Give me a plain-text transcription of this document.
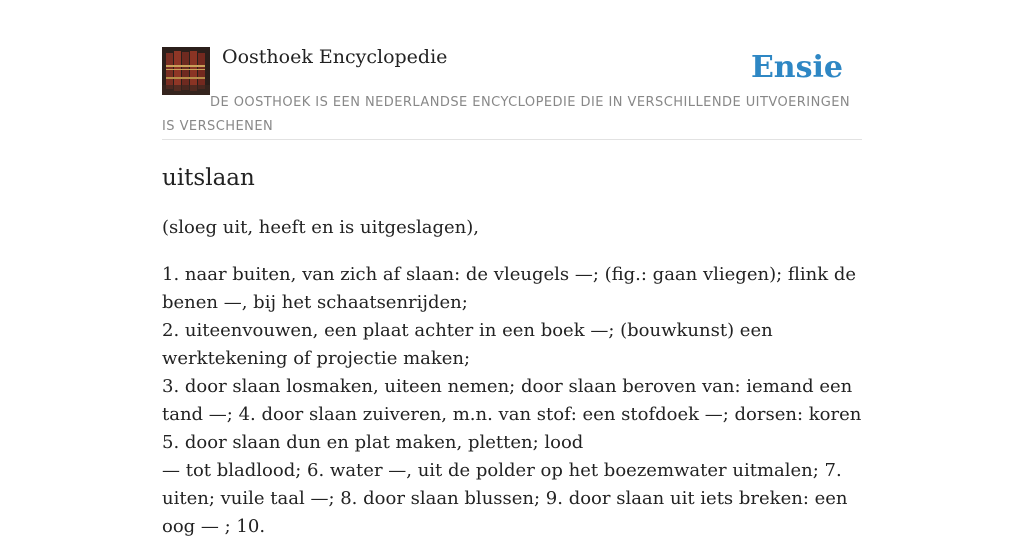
Oosthoek Encyclopedie	Ensie

DE OOSTHOEK IS EEN NEDERLANDSE ENCYCLOPEDIE DIE IN VERSCHILLENDE UITVOERINGEN IS VERSCHENEN

uitslaan

(sloeg uit, heeft en is uitgeslagen),

1. naar buiten, van zich af slaan: de vleugels —; (fig.: gaan vliegen); flink de benen —, bij het schaatsenrijden;
2. uiteenvouwen, een plaat achter in een boek —; (bouwkunst) een werktekening of projectie maken;
3. door slaan losmaken, uiteen nemen; door slaan beroven van: iemand een tand —; 4. door slaan zuiveren, m.n. van stof: een stofdoek —; dorsen: koren
5. door slaan dun en plat maken, pletten; lood
— tot bladlood; 6. water —, uit de polder op het boezemwater uitmalen; 7. uiten; vuile taal —; 8. door slaan blussen; 9. door slaan uit iets breken: een oog — ; 10.
